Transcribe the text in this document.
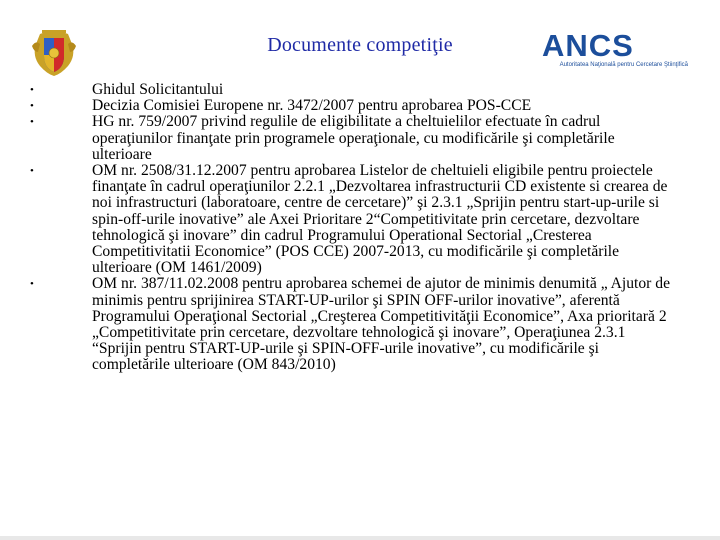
Documente competiţie	ANCS
Autoritatea Naţională pentru Cercetare Ştiinţifică
•	Ghidul Solicitantului
•	Decizia Comisiei Europene nr. 3472/2007 pentru aprobarea POS-CCE
•	HG nr. 759/2007 privind regulile de eligibilitate a cheltuielilor efectuate în cadrul operaţiunilor finanţate prin programele operaţionale, cu modificările şi completările ulterioare
•	OM nr. 2508/31.12.2007 pentru aprobarea Listelor de cheltuieli eligibile pentru proiectele finanţate în cadrul operaţiunilor 2.2.1 „Dezvoltarea infrastructurii CD existente si crearea de noi infrastructuri (laboratoare, centre de cercetare)” şi 2.3.1 „Sprijin pentru start-up-urile si spin-off-urile inovative” ale Axei Prioritare 2“Competitivitate prin cercetare, dezvoltare tehnologică şi inovare” din cadrul Programului Operational Sectorial „Cresterea Competitivitatii Economice” (POS CCE) 2007-2013, cu modificările şi completările ulterioare (OM 1461/2009)
•	OM nr. 387/11.02.2008 pentru aprobarea schemei de ajutor de minimis denumită „ Ajutor de minimis pentru sprijinirea START-UP-urilor şi SPIN OFF-urilor inovative”, aferentă Programului Operaţional Sectorial „Creşterea Competitivităţii Economice”, Axa prioritară 2 „Competitivitate prin cercetare, dezvoltare tehnologică şi inovare”, Operaţiunea 2.3.1 “Sprijin pentru START-UP-urile şi SPIN-OFF-urile inovative”, cu modificările şi completările ulterioare (OM 843/2010)
